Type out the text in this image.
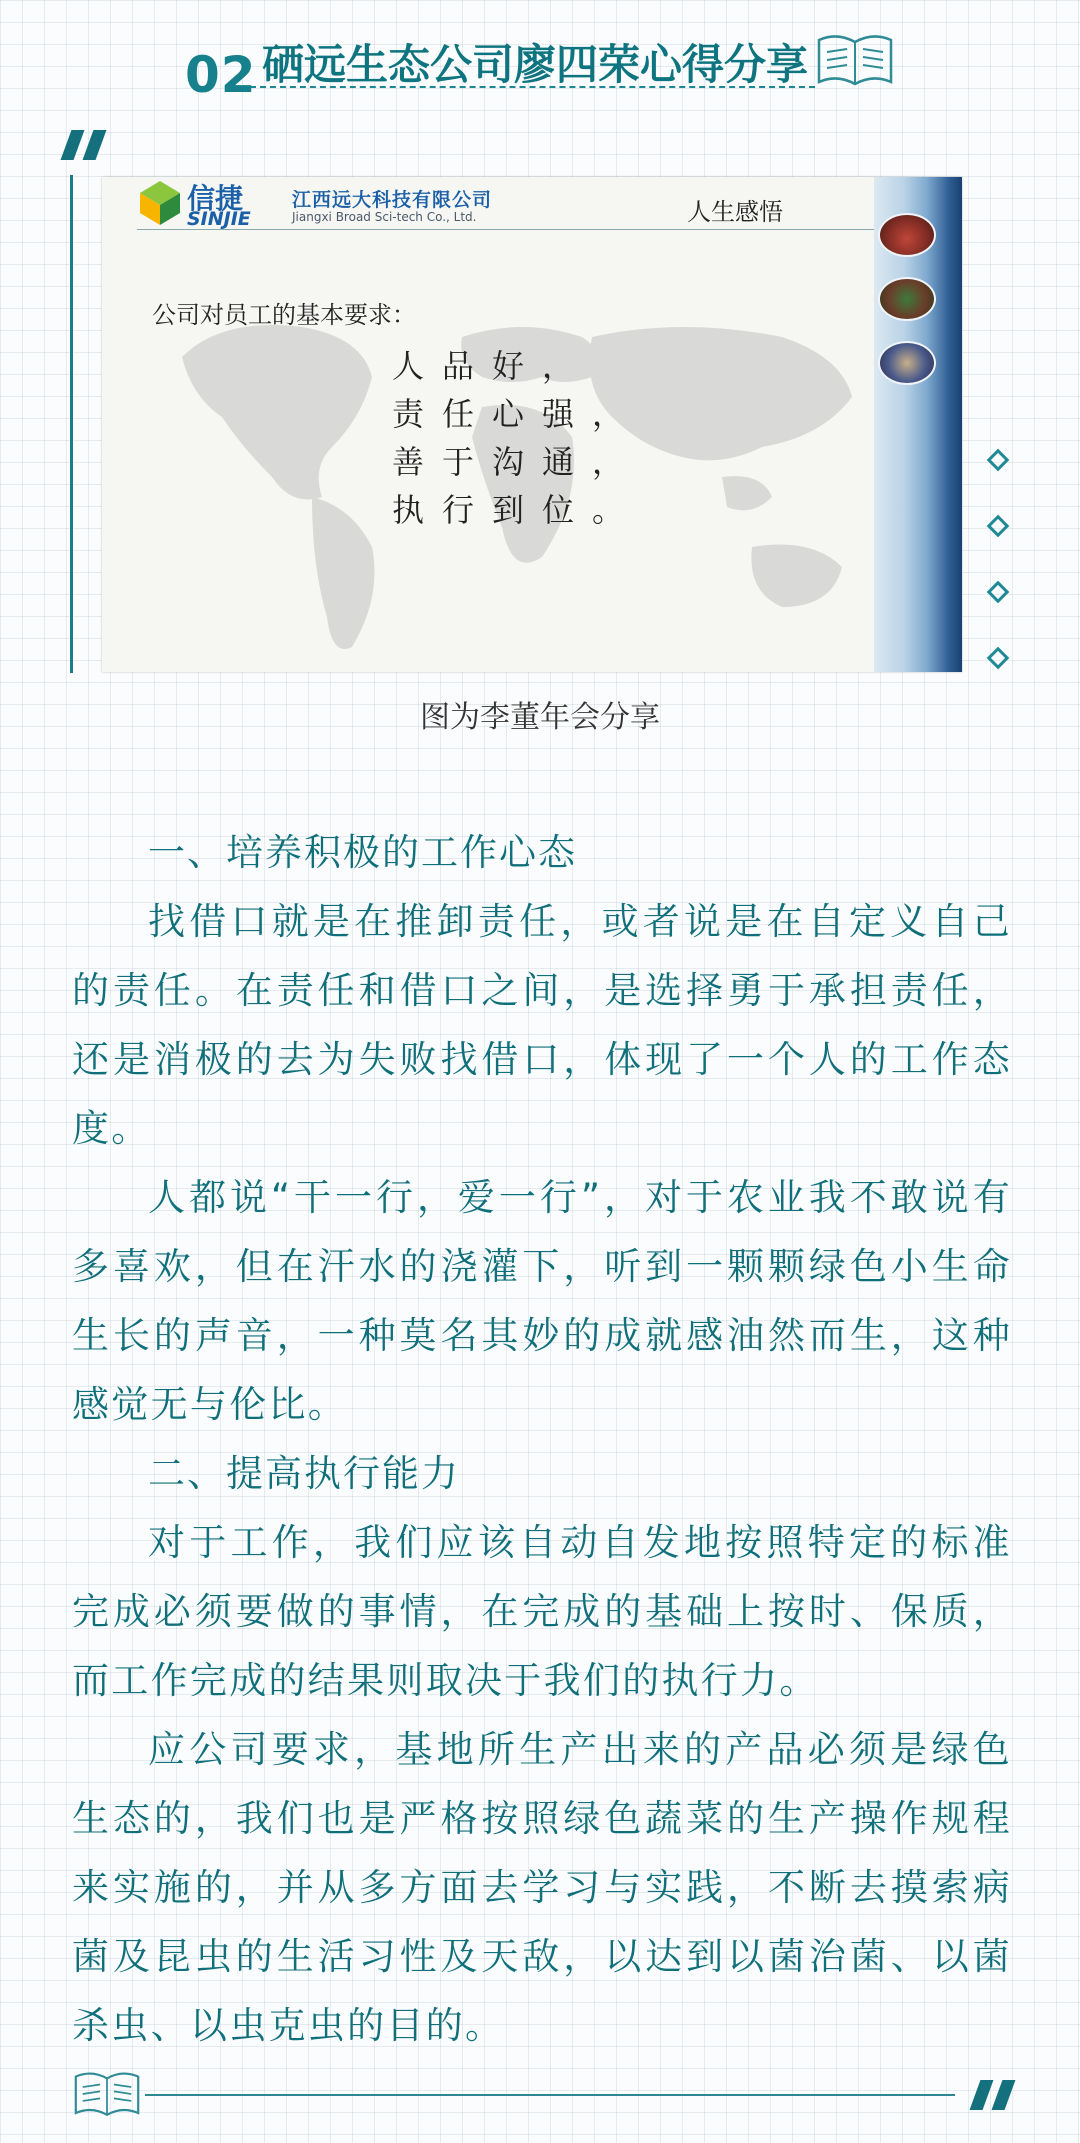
02 硒远生态公司廖四荣心得分享
信捷
SINJIE
江西远大科技有限公司
Jiangxi Broad Sci-tech Co., Ltd.	人生感悟
公司对员工的基本要求：
人品好，
责任心强，
善于沟通，
执行到位。
图为李董年会分享

一、培养积极的工作心态

找借口就是在推卸责任，或者说是在自定义自己的责任。在责任和借口之间，是选择勇于承担责任，还是消极的去为失败找借口，体现了一个人的工作态度。

人都说“干一行，爱一行”，对于农业我不敢说有多喜欢，但在汗水的浇灌下，听到一颗颗绿色小生命生长的声音，一种莫名其妙的成就感油然而生，这种感觉无与伦比。

二、提高执行能力

对于工作，我们应该自动自发地按照特定的标准完成必须要做的事情，在完成的基础上按时、保质，而工作完成的结果则取决于我们的执行力。

应公司要求，基地所生产出来的产品必须是绿色生态的，我们也是严格按照绿色蔬菜的生产操作规程来实施的，并从多方面去学习与实践，不断去摸索病菌及昆虫的生活习性及天敌，以达到以菌治菌、以菌杀虫、以虫克虫的目的。
